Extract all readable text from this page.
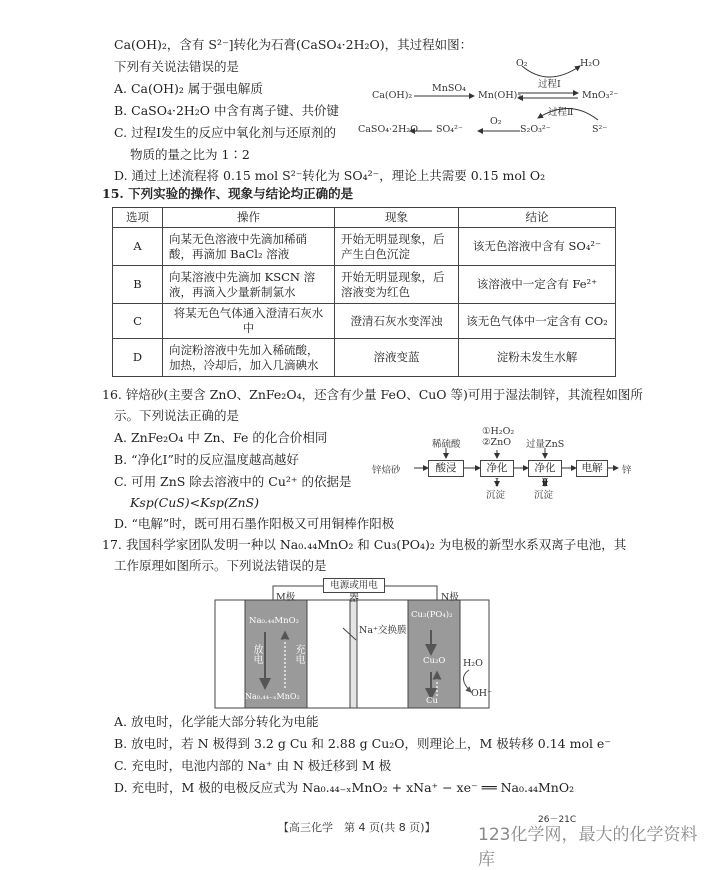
Ca(OH)₂，含有 S²⁻]转化为石膏(CaSO₄·2H₂O)，其过程如图：
下列有关说法错误的是
A. Ca(OH)₂ 属于强电解质
B. CaSO₄·2H₂O 中含有离子键、共价键
C. 过程Ⅰ发生的反应中氧化剂与还原剂的
物质的量之比为 1∶2
D. 通过上述流程将 0.15 mol S²⁻转化为 SO₄²⁻，理论上共需要 0.15 mol O₂
Ca(OH)₂
MnSO₄
Mn(OH)₂	MnO₃²⁻
O₂	H₂O
过程Ⅰ
过程Ⅱ
S²⁻
S₂O₃²⁻
O₂
SO₄²⁻
CaSO₄·2H₂O
15. 下列实验的操作、现象与结论均正确的是
选项	操作	现象	结论
A	向某无色溶液中先滴加稀硝酸，再滴加 BaCl₂ 溶液	开始无明显现象，后产生白色沉淀	该无色溶液中含有 SO₄²⁻
B	向某溶液中先滴加 KSCN 溶液，再滴入少量新制氯水	开始无明显现象，后溶液变为红色	该溶液中一定含有 Fe²⁺
C	将某无色气体通入澄清石灰水中	澄清石灰水变浑浊	该无色气体中一定含有 CO₂
D	向淀粉溶液中先加入稀硫酸，加热，冷却后，加入几滴碘水	溶液变蓝	淀粉未发生水解
16. 锌焙砂(主要含 ZnO、ZnFe₂O₄，还含有少量 FeO、CuO 等)可用于湿法制锌，其流程如图所
示。下列说法正确的是
A. ZnFe₂O₄ 中 Zn、Fe 的化合价相同
B. “净化Ⅰ”时的反应温度越高越好
C. 可用 ZnS 除去溶液中的 Cu²⁺ 的依据是
Ksp(CuS)<Ksp(ZnS)
D. “电解”时，既可用石墨作阳极又可用铜棒作阳极
锌焙砂
稀硫酸
酸浸
①H₂O₂
②ZnO
净化Ⅰ
过量ZnS
净化Ⅱ
电解	锌
沉淀	沉淀
17. 我国科学家团队发明一种以 Na₀.₄₄MnO₂ 和 Cu₃(PO₄)₂ 为电极的新型水系双离子电池，其
工作原理如图所示。下列说法错误的是
电源或用电器
M极	N极
Na₀.₄₄MnO₂
Na₀.₄₄₋ₓMnO₂
放电	充电
Na⁺交换膜
Cu₃(PO₄)₂
Cu₂O
Cu
H₂O
OH⁻
A. 放电时，化学能大部分转化为电能
B. 放电时，若 N 极得到 3.2 g Cu 和 2.88 g Cu₂O，则理论上，M 极转移 0.14 mol e⁻
C. 充电时，电池内部的 Na⁺ 由 N 极迁移到 M 极
D. 充电时，M 极的电极反应式为 Na₀.₄₄₋ₓMnO₂ + xNa⁺ − xe⁻ ══ Na₀.₄₄MnO₂
【高三化学　第 4 页(共 8 页)】
26－21C
123化学网，最大的化学资料库
